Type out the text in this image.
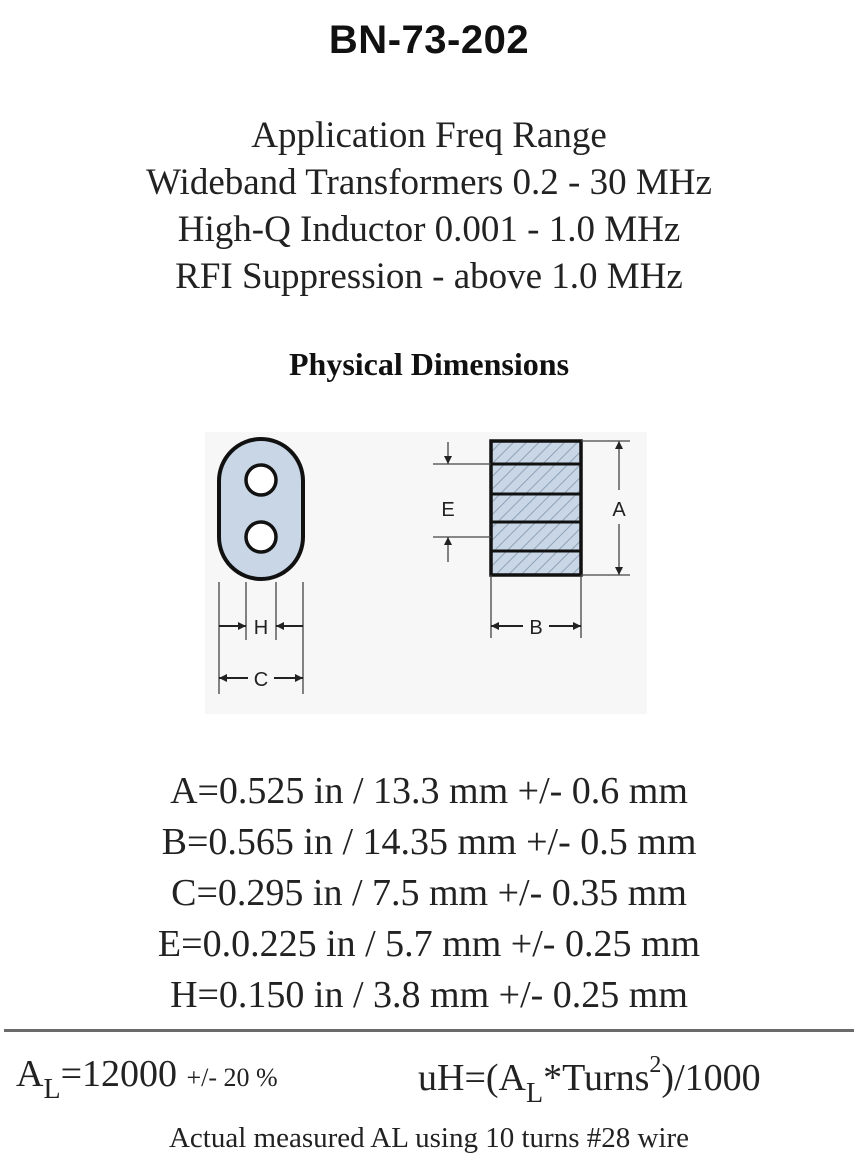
BN-73-202
Application Freq Range
Wideband Transformers 0.2 - 30 MHz
High-Q Inductor 0.001 - 1.0 MHz
RFI Suppression - above 1.0 MHz
Physical Dimensions
H
C
E	A
B
A=0.525 in / 13.3 mm +/- 0.6 mm
B=0.565 in / 14.35 mm +/- 0.5 mm
C=0.295 in / 7.5 mm +/- 0.35 mm
E=0.0.225 in / 5.7 mm +/- 0.25 mm
H=0.150 in / 3.8 mm +/- 0.25 mm
$A_L=12000$ +/- 20 %	$uH=(A_L*Turns^2)/1000$
Actual measured AL using 10 turns #28 wire
